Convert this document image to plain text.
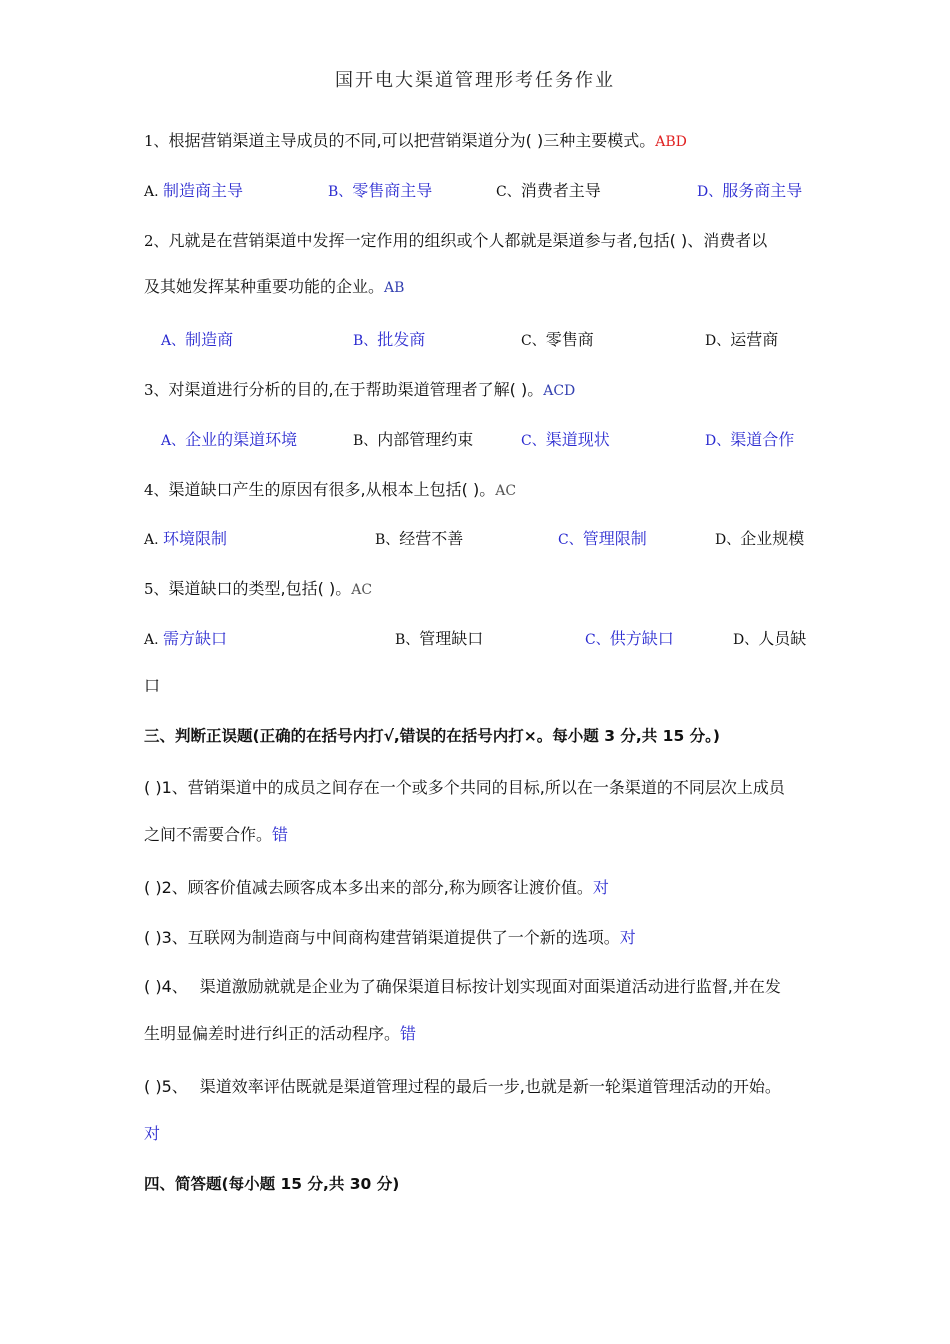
国开电大渠道管理形考任务作业
1、根据营销渠道主导成员的不同,可以把营销渠道分为( )三种主要模式。ABD
A. 制造商主导	B、零售商主导	C、消费者主导	D、服务商主导
2、凡就是在营销渠道中发挥一定作用的组织或个人都就是渠道参与者,包括( )、消费者以
及其她发挥某种重要功能的企业。AB
A、制造商	B、批发商	C、零售商	D、运营商
3、对渠道进行分析的目的,在于帮助渠道管理者了解( )。ACD
A、企业的渠道环境	B、内部管理约束	C、渠道现状	D、渠道合作
4、渠道缺口产生的原因有很多,从根本上包括( )。AC
A. 环境限制	B、经营不善	C、管理限制	D、企业规模
5、渠道缺口的类型,包括( )。AC
A. 需方缺口	B、管理缺口	C、供方缺口	D、人员缺
口
三、判断正误题(正确的在括号内打√,错误的在括号内打×。每小题 3 分,共 15 分。)
( )1、营销渠道中的成员之间存在一个或多个共同的目标,所以在一条渠道的不同层次上成员
之间不需要合作。错
( )2、顾客价值减去顾客成本多出来的部分,称为顾客让渡价值。对
( )3、互联网为制造商与中间商构建营销渠道提供了一个新的选项。对
( )4、 渠道激励就就是企业为了确保渠道目标按计划实现面对面渠道活动进行监督,并在发
生明显偏差时进行纠正的活动程序。错
( )5、 渠道效率评估既就是渠道管理过程的最后一步,也就是新一轮渠道管理活动的开始。
对
四、简答题(每小题 15 分,共 30 分)
